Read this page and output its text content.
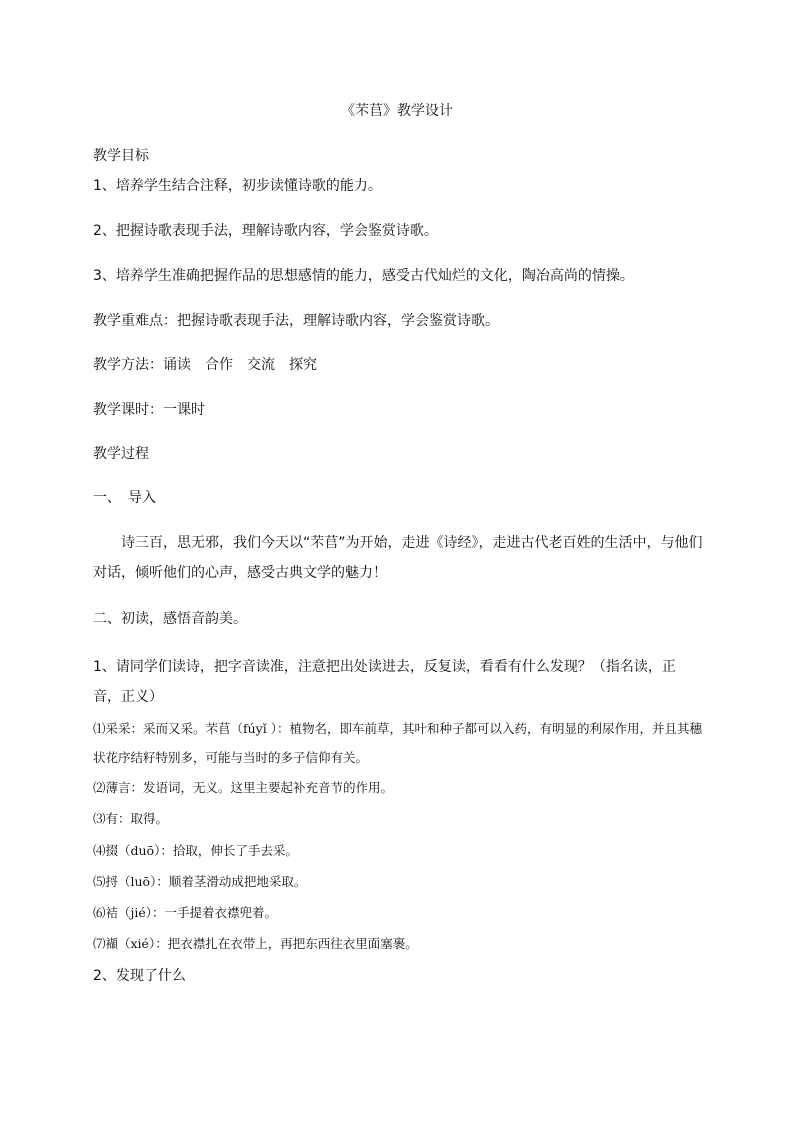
《芣苢》教学设计
教学目标
1、培养学生结合注释，初步读懂诗歌的能力。
2、把握诗歌表现手法，理解诗歌内容，学会鉴赏诗歌。
3、培养学生准确把握作品的思想感情的能力，感受古代灿烂的文化，陶冶高尚的情操。
教学重难点：把握诗歌表现手法，理解诗歌内容，学会鉴赏诗歌。
教学方法：诵读　合作　交流　探究
教学课时：一课时
教学过程
一、　导入
诗三百，思无邪，我们今天以“芣苢”为开始，走进《诗经》，走进古代老百姓的生活中，与他们对话，倾听他们的心声，感受古典文学的魅力！
二、初读，感悟音韵美。
1、请同学们读诗，把字音读准，注意把出处读进去，反复读，看看有什么发现？（指名读，正音，正义）
⑴采采：采而又采。芣苢（fúyǐ ）：植物名，即车前草，其叶和种子都可以入药，有明显的利尿作用，并且其穗状花序结籽特别多，可能与当时的多子信仰有关。
⑵薄言：发语词，无义。这里主要起补充音节的作用。
⑶有：取得。
⑷掇（duō）：拾取，伸长了手去采。
⑸捋（luō）：顺着茎滑动成把地采取。
⑹袺（jié）：一手提着衣襟兜着。
⑺襭（xié）：把衣襟扎在衣带上，再把东西往衣里面塞裹。
2、发现了什么
